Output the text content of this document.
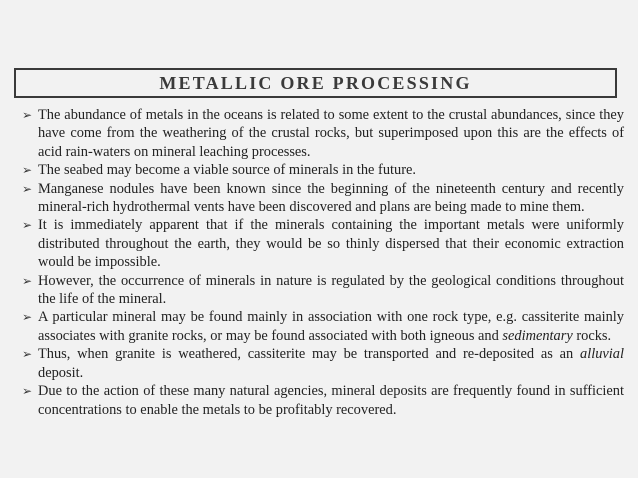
METALLIC ORE PROCESSING

➢ The abundance of metals in the oceans is related to some extent to the crustal abundances, since they have come from the weathering of the crustal rocks, but superimposed upon this are the effects of acid rain-waters on mineral leaching processes.

➢ The seabed may become a viable source of minerals in the future.

➢ Manganese nodules have been known since the beginning of the nineteenth century and recently mineral-rich hydrothermal vents have been discovered and plans are being made to mine them.

➢ It is immediately apparent that if the minerals containing the important metals were uniformly distributed throughout the earth, they would be so thinly dispersed that their economic extraction would be impossible.

➢ However, the occurrence of minerals in nature is regulated by the geological conditions throughout the life of the mineral.

➢ A particular mineral may be found mainly in association with one rock type, e.g. cassiterite mainly associates with granite rocks, or may be found associated with both igneous and sedimentary rocks.

➢ Thus, when granite is weathered, cassiterite may be transported and re-deposited as an alluvial deposit.

➢ Due to the action of these many natural agencies, mineral deposits are frequently found in sufficient concentrations to enable the metals to be profitably recovered.
